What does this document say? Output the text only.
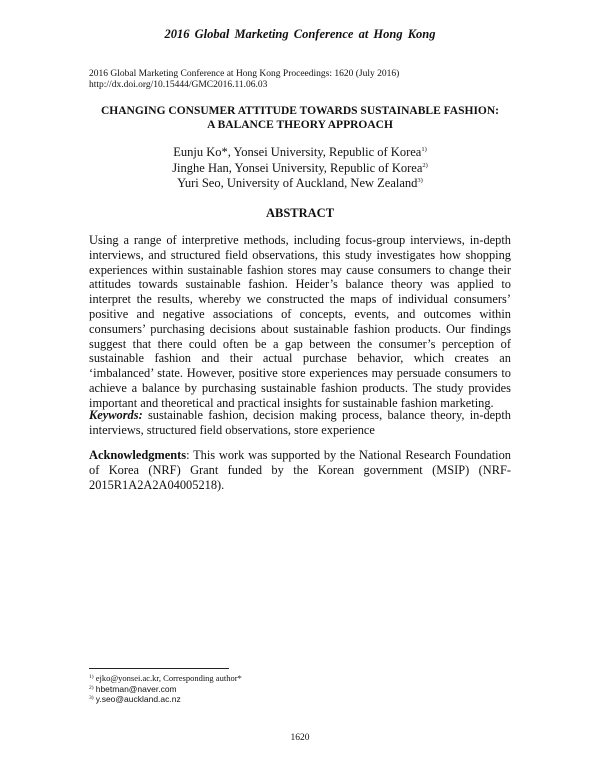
2016 Global Marketing Conference at Hong Kong
2016 Global Marketing Conference at Hong Kong Proceedings: 1620 (July 2016)
http://dx.doi.org/10.15444/GMC2016.11.06.03
CHANGING CONSUMER ATTITUDE TOWARDS SUSTAINABLE FASHION:
A BALANCE THEORY APPROACH
Eunju Ko*, Yonsei University, Republic of Korea$^{1)}$
Jinghe Han, Yonsei University, Republic of Korea$^{2)}$
Yuri Seo, University of Auckland, New Zealand$^{3)}$
ABSTRACT
Using a range of interpretive methods, including focus-group interviews, in-depth interviews, and structured field observations, this study investigates how shopping experiences within sustainable fashion stores may cause consumers to change their attitudes towards sustainable fashion. Heider’s balance theory was applied to interpret the results, whereby we constructed the maps of individual consumers’ positive and negative associations of concepts, events, and outcomes within consumers’ purchasing decisions about sustainable fashion products. Our findings suggest that there could often be a gap between the consumer’s perception of sustainable fashion and their actual purchase behavior, which creates an ‘imbalanced’ state. However, positive store experiences may persuade consumers to achieve a balance by purchasing sustainable fashion products. The study provides important and theoretical and practical insights for sustainable fashion marketing.
Keywords: sustainable fashion, decision making process, balance theory, in-depth interviews, structured field observations, store experience
Acknowledgments: This work was supported by the National Research Foundation of Korea (NRF) Grant funded by the Korean government (MSIP) (NRF-2015R1A2A2A04005218).
$^{1)}$ ejko@yonsei.ac.kr, Corresponding author*
$^{2)}$ hbetman@naver.com
$^{3)}$ y.seo@auckland.ac.nz
1620
